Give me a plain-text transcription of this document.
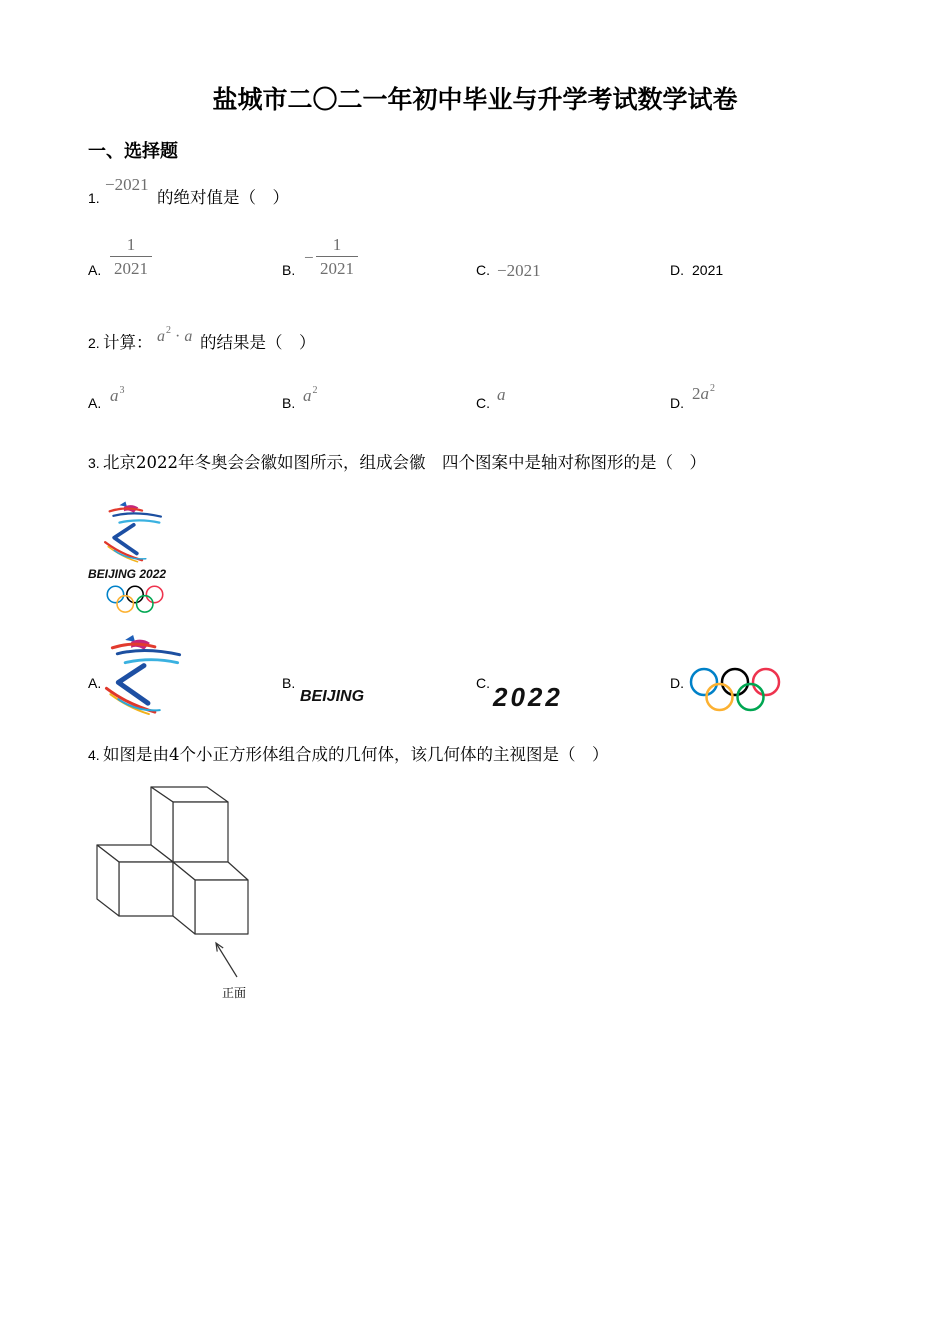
盐城市二〇二一年初中毕业与升学考试数学试卷
一、选择题
1.
−2021
的绝对值是（　）
A.
1
2021	B.
−
1
2021	C. −2021	D. 2021
2. 计算： $a^2 \cdot a$ 的结果是（　）
A. $a^3$
B. $a^2$
C. a	D. $2a^2$
3. 北京2022年冬奥会会徽如图所示，组成会徽　四个图案中是轴对称图形的是（　）
BEIJING 2022
A.	B.
BEIJING
C. 2022	D.
4. 如图是由4个小正方形体组合成的几何体，该几何体的主视图是（　）
正面
